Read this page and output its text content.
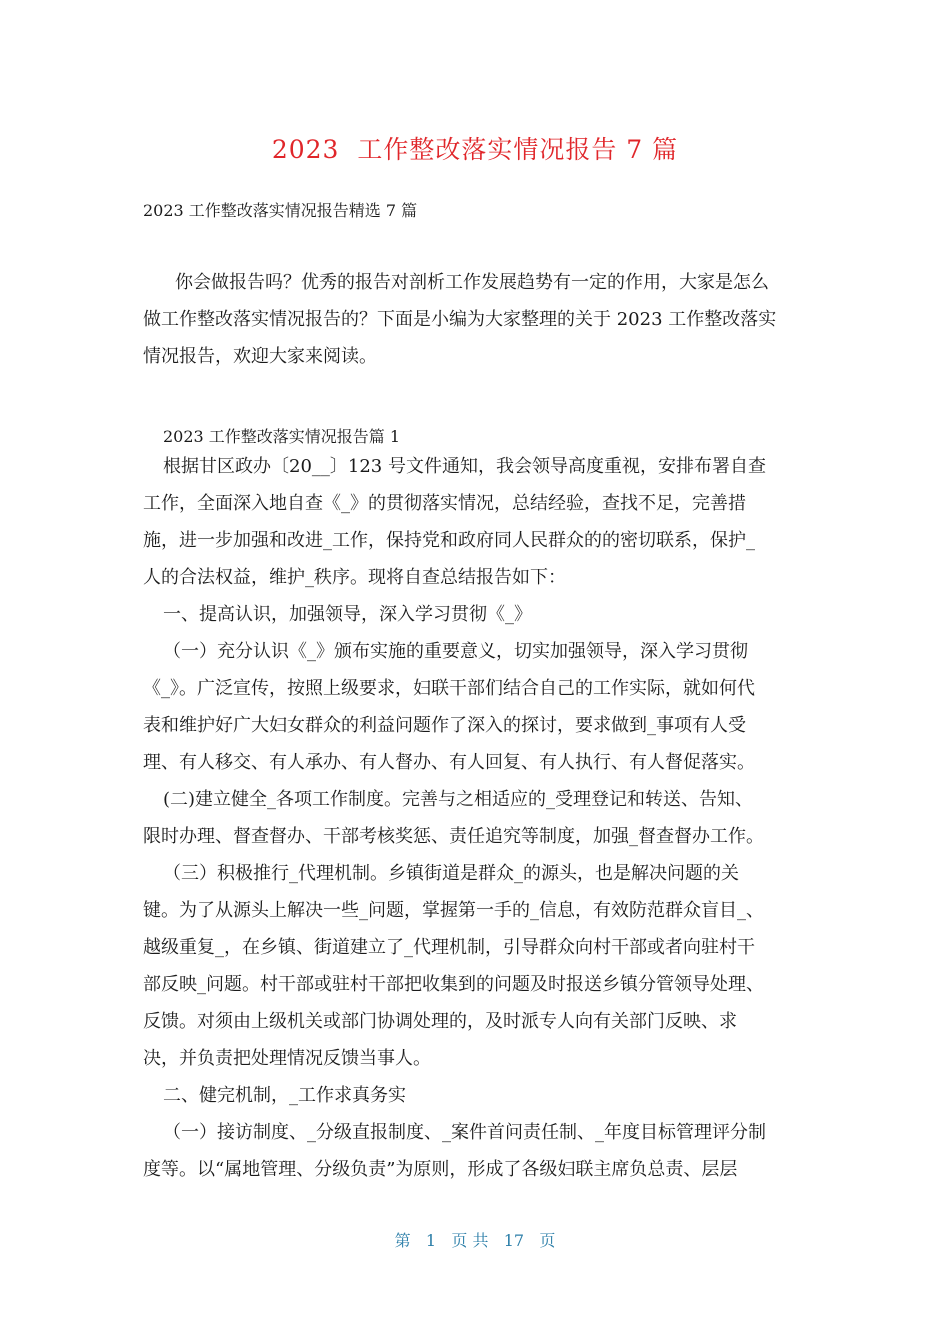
2023  工作整改落实情况报告 7 篇
2023 工作整改落实情况报告精选 7 篇
你会做报告吗？优秀的报告对剖析工作发展趋势有一定的作用，大家是怎么
做工作整改落实情况报告的？下面是小编为大家整理的关于 2023 工作整改落实
情况报告，欢迎大家来阅读。
2023 工作整改落实情况报告篇 1
根据甘区政办〔20__〕123 号文件通知，我会领导高度重视，安排布署自查
工作，全面深入地自查《_》的贯彻落实情况，总结经验，查找不足，完善措
施，进一步加强和改进_工作，保持党和政府同人民群众的的密切联系，保护_
人的合法权益，维护_秩序。现将自查总结报告如下：
一、提高认识，加强领导，深入学习贯彻《_》
（一）充分认识《_》颁布实施的重要意义，切实加强领导，深入学习贯彻
《_》。广泛宣传，按照上级要求，妇联干部们结合自己的工作实际，就如何代
表和维护好广大妇女群众的利益问题作了深入的探讨，要求做到_事项有人受
理、有人移交、有人承办、有人督办、有人回复、有人执行、有人督促落实。
(二)建立健全_各项工作制度。完善与之相适应的_受理登记和转送、告知、
限时办理、督查督办、干部考核奖惩、责任追究等制度，加强_督查督办工作。
（三）积极推行_代理机制。乡镇街道是群众_的源头，也是解决问题的关
键。为了从源头上解决一些_问题，掌握第一手的_信息，有效防范群众盲目_、
越级重复_，在乡镇、街道建立了_代理机制，引导群众向村干部或者向驻村干
部反映_问题。村干部或驻村干部把收集到的问题及时报送乡镇分管领导处理、
反馈。对须由上级机关或部门协调处理的，及时派专人向有关部门反映、求
决，并负责把处理情况反馈当事人。
二、健完机制，_工作求真务实
（一）接访制度、_分级直报制度、_案件首问责任制、_年度目标管理评分制
度等。以“属地管理、分级负责”为原则，形成了各级妇联主席负总责、层层
第   1   页 共   17   页
